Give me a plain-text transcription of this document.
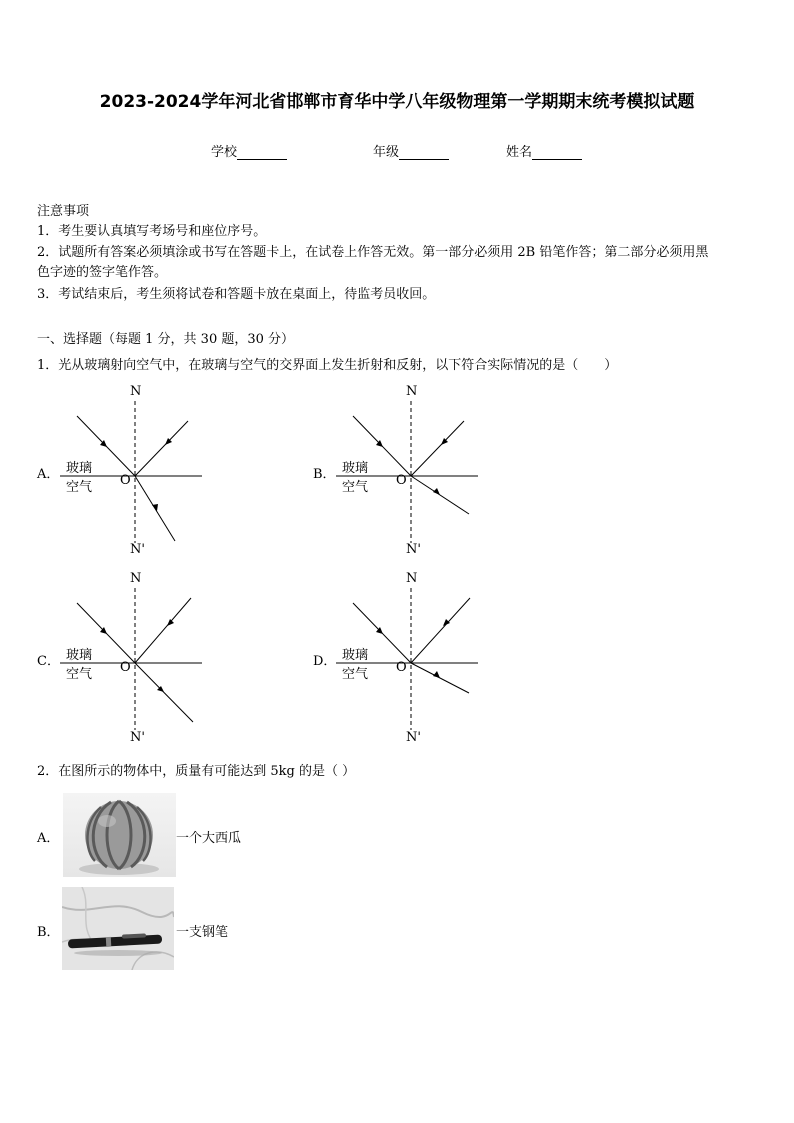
2023-2024学年河北省邯郸市育华中学八年级物理第一学期期末统考模拟试题
学校	年级	姓名
注意事项
1．考生要认真填写考场号和座位序号。
2．试题所有答案必须填涂或书写在答题卡上，在试卷上作答无效。第一部分必须用 2B 铅笔作答；第二部分必须用黑
色字迹的签字笔作答。
3．考试结束后，考生须将试卷和答题卡放在桌面上，待监考员收回。
一、选择题（每题 1 分，共 30 题，30 分）
1．光从玻璃射向空气中，在玻璃与空气的交界面上发生折射和反射，以下符合实际情况的是（　　）
A．
N
N'
O
玻璃
空气
B．
N
N'
O
玻璃
空气
C．
N
N'
O
玻璃
空气
D．
N
N'
O
玻璃
空气
2．在图所示的物体中，质量有可能达到 5kg 的是（ ）
A．	一个大西瓜
B．	一支钢笔
